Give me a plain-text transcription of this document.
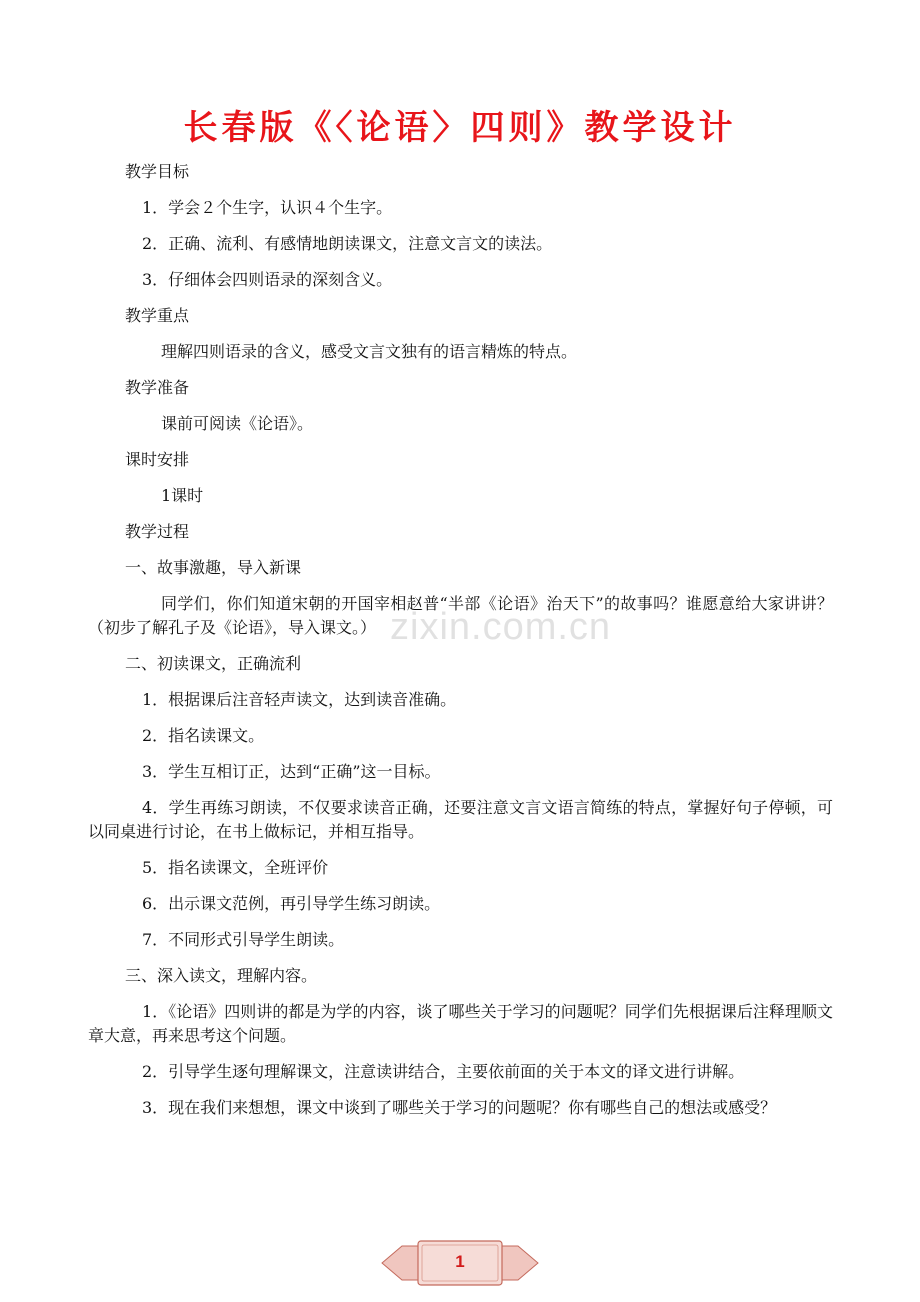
长春版《〈论语〉四则》教学设计

教学目标

1．学会２个生字，认识４个生字。

2．正确、流利、有感情地朗读课文，注意文言文的读法。

3．仔细体会四则语录的深刻含义。

教学重点

理解四则语录的含义，感受文言文独有的语言精炼的特点。

教学准备

课前可阅读《论语》。

课时安排

1课时

教学过程

一、故事激趣，导入新课

同学们，你们知道宋朝的开国宰相赵普“半部《论语》治天下”的故事吗？谁愿意给大家讲讲？（初步了解孔子及《论语》，导入课文。）

二、初读课文，正确流利

1．根据课后注音轻声读文，达到读音准确。

2．指名读课文。

3．学生互相订正，达到“正确”这一目标。

4．学生再练习朗读，不仅要求读音正确，还要注意文言文语言简练的特点，掌握好句子停顿，可以同桌进行讨论，在书上做标记，并相互指导。

5．指名读课文，全班评价

6．出示课文范例，再引导学生练习朗读。

7．不同形式引导学生朗读。

三、深入读文，理解内容。

1．《论语》四则讲的都是为学的内容，谈了哪些关于学习的问题呢？同学们先根据课后注释理顺文章大意，再来思考这个问题。

2．引导学生逐句理解课文，注意读讲结合，主要依前面的关于本文的译文进行讲解。

3．现在我们来想想，课文中谈到了哪些关于学习的问题呢？你有哪些自己的想法或感受？

zixin.com.cn
1
